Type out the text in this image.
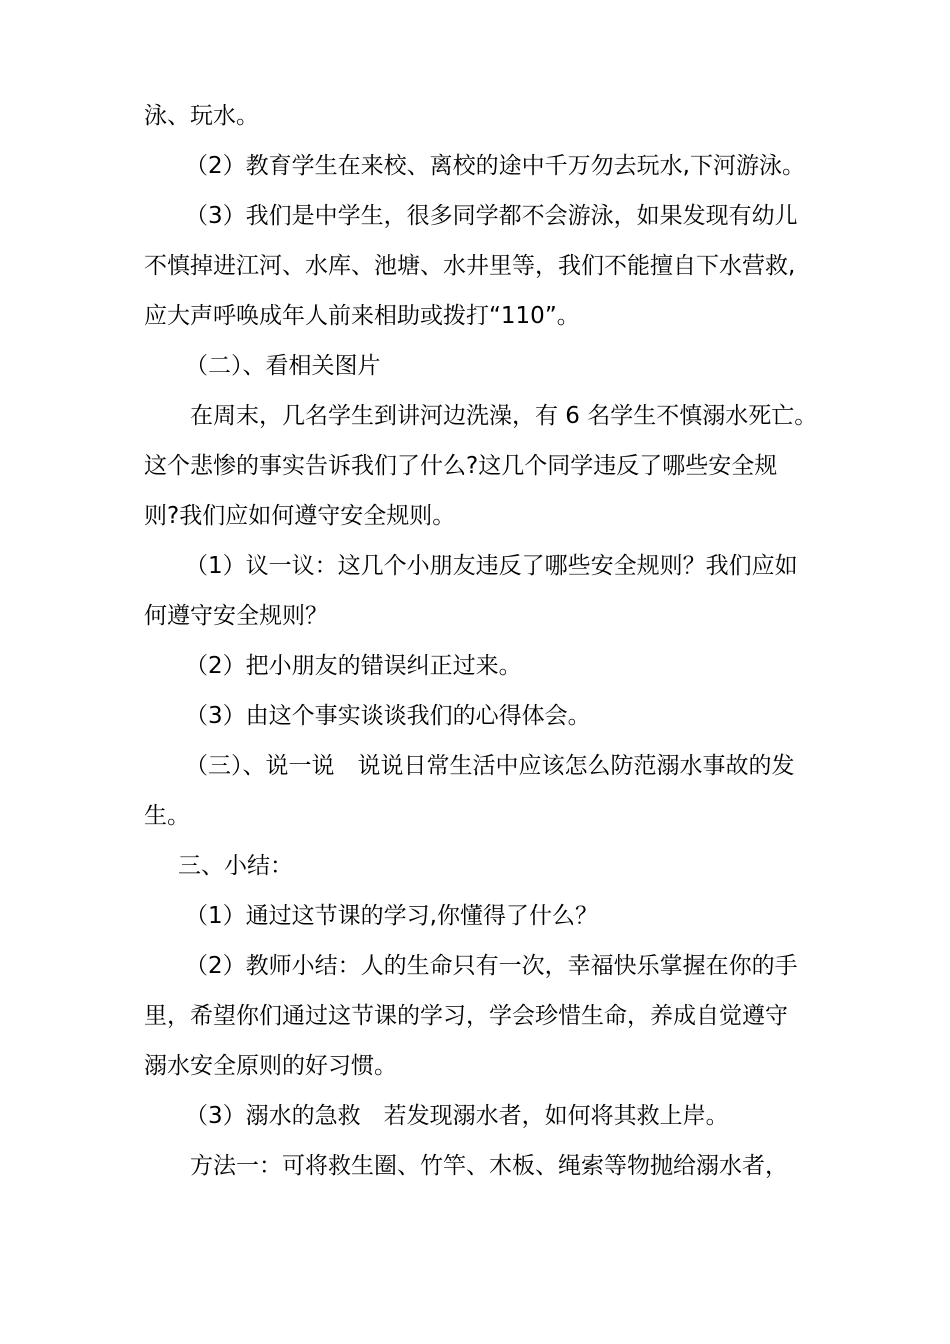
泳、玩水。
（2）教育学生在来校、离校的途中千万勿去玩水,下河游泳。
（3）我们是中学生，很多同学都不会游泳，如果发现有幼儿
不慎掉进江河、水库、池塘、水井里等，我们不能擅自下水营救,
应大声呼唤成年人前来相助或拨打“110”。
（二）、看相关图片
在周末，几名学生到讲河边洗澡，有 6 名学生不慎溺水死亡。
这个悲惨的事实告诉我们了什么?这几个同学违反了哪些安全规
则?我们应如何遵守安全规则。
（1）议一议：这几个小朋友违反了哪些安全规则？我们应如
何遵守安全规则？
（2）把小朋友的错误纠正过来。
（3）由这个事实谈谈我们的心得体会。
（三）、说一说　说说日常生活中应该怎么防范溺水事故的发
生。
三、小结：
（1）通过这节课的学习,你懂得了什么？
（2）教师小结：人的生命只有一次，幸福快乐掌握在你的手
里，希望你们通过这节课的学习，学会珍惜生命，养成自觉遵守
溺水安全原则的好习惯。
（3）溺水的急救　若发现溺水者，如何将其救上岸。
方法一：可将救生圈、竹竿、木板、绳索等物抛给溺水者，
